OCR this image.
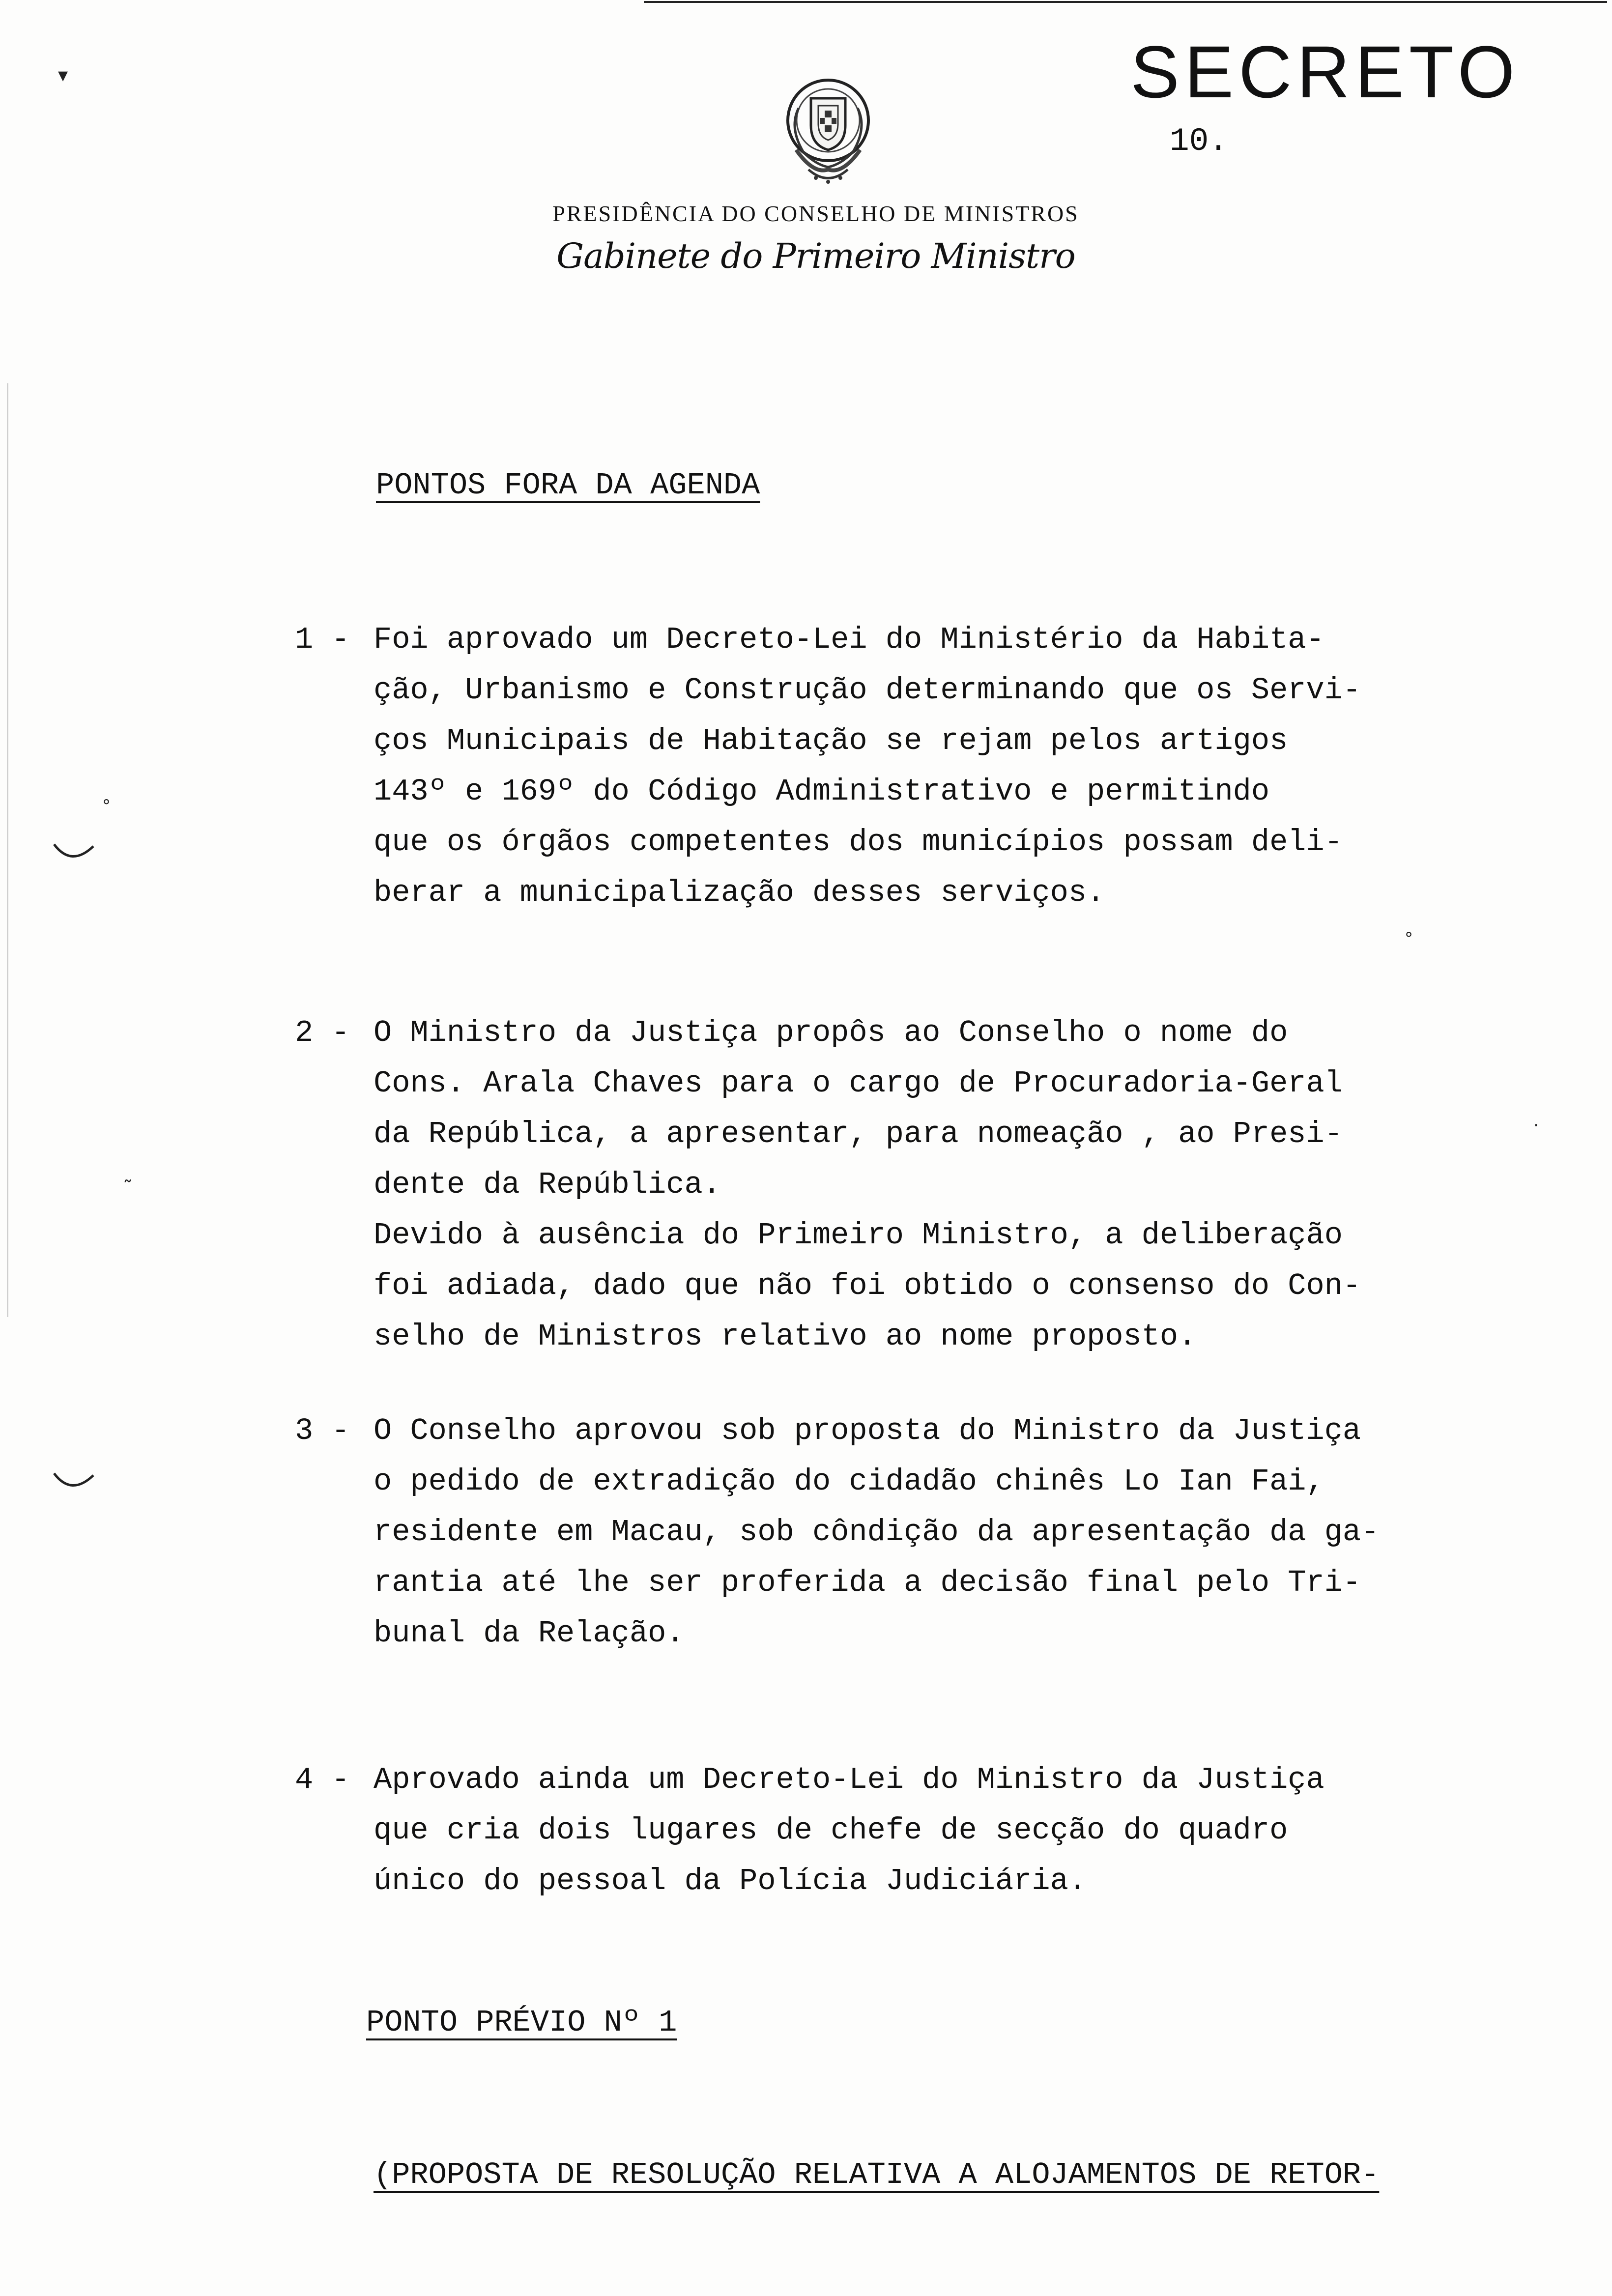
SECRETO
10.
PRESIDÊNCIA DO CONSELHO DE MINISTROS
Gabinete do Primeiro Ministro
PONTOS FORA DA AGENDA
1 - Foi aprovado um Decreto-Lei do Ministério da Habita-

ção, Urbanismo e Construção determinando que os Servi-

ços Municipais de Habitação se rejam pelos artigos

143º e 169º do Código Administrativo e permitindo

que os órgãos competentes dos municípios possam deli-

berar a municipalização desses serviços.

2 - O Ministro da Justiça propôs ao Conselho o nome do

Cons. Arala Chaves para o cargo de Procuradoria-Geral

da República, a apresentar, para nomeação , ao Presi-

dente da República.

Devido à ausência do Primeiro Ministro, a deliberação

foi adiada, dado que não foi obtido o consenso do Con-

selho de Ministros relativo ao nome proposto.

3 - O Conselho aprovou sob proposta do Ministro da Justiça

o pedido de extradição do cidadão chinês Lo Ian Fai,

residente em Macau, sob côndição da apresentação da ga-

rantia até lhe ser proferida a decisão final pelo Tri-

bunal da Relação.

4 - Aprovado ainda um Decreto-Lei do Ministro da Justiça

que cria dois lugares de chefe de secção do quadro

único do pessoal da Polícia Judiciária.

PONTO PRÉVIO Nº 1
(PROPOSTA DE RESOLUÇÃO RELATIVA A ALOJAMENTOS DE RETOR-
▾
°
˜
°
·
